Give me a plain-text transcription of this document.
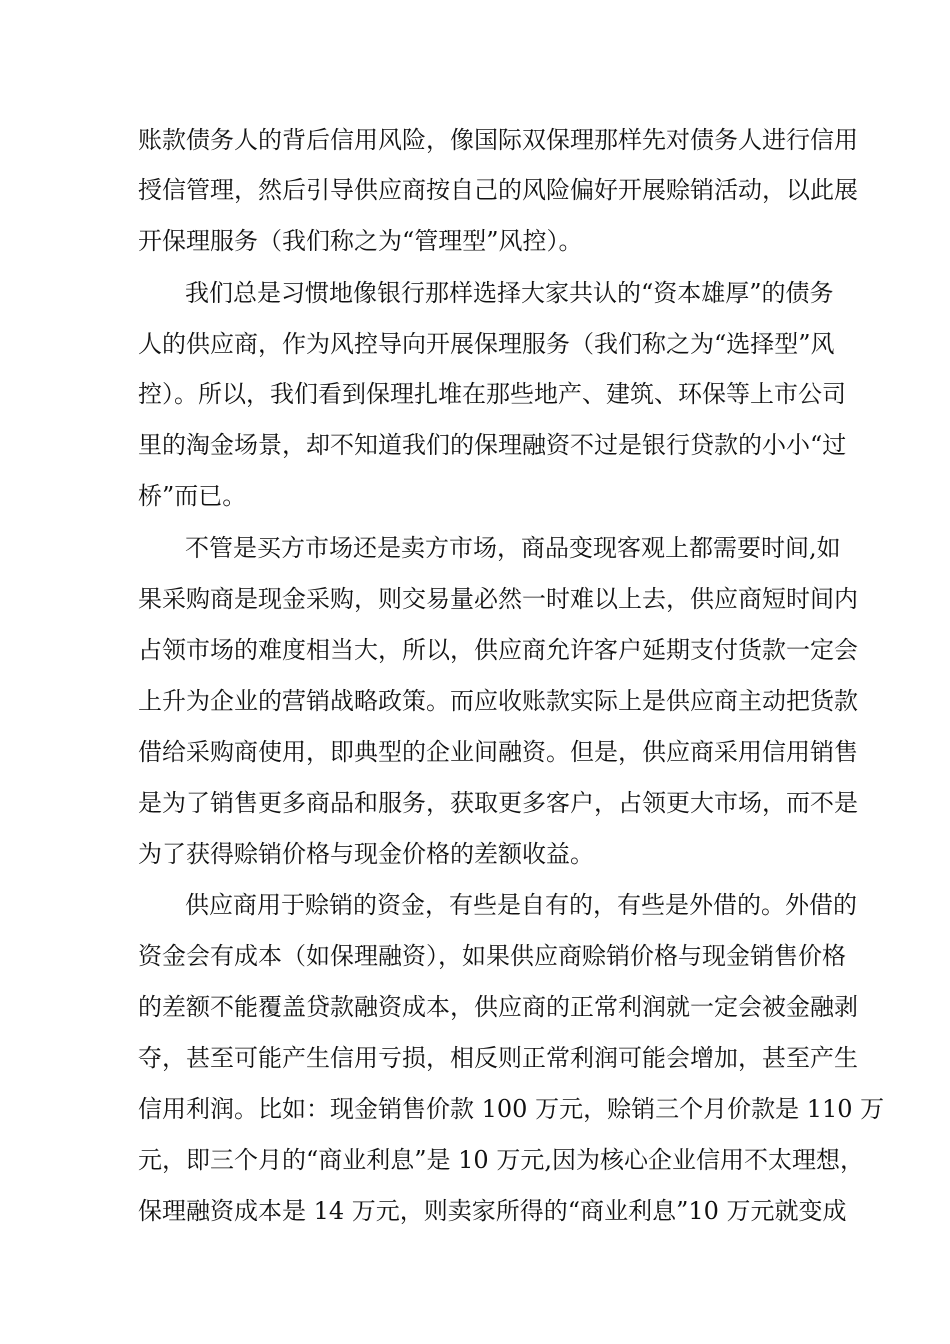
账款债务人的背后信用风险，像国际双保理那样先对债务人进行信用
授信管理，然后引导供应商按自己的风险偏好开展赊销活动，以此展
开保理服务（我们称之为“管理型”风控）。
我们总是习惯地像银行那样选择大家共认的“资本雄厚”的债务
人的供应商，作为风控导向开展保理服务（我们称之为“选择型”风
控）。所以，我们看到保理扎堆在那些地产、建筑、环保等上市公司
里的淘金场景，却不知道我们的保理融资不过是银行贷款的小小“过
桥”而已。
不管是买方市场还是卖方市场，商品变现客观上都需要时间,如
果采购商是现金采购，则交易量必然一时难以上去，供应商短时间内
占领市场的难度相当大，所以，供应商允许客户延期支付货款一定会
上升为企业的营销战略政策。而应收账款实际上是供应商主动把货款
借给采购商使用，即典型的企业间融资。但是，供应商采用信用销售
是为了销售更多商品和服务，获取更多客户，占领更大市场，而不是
为了获得赊销价格与现金价格的差额收益。
供应商用于赊销的资金，有些是自有的，有些是外借的。外借的
资金会有成本（如保理融资），如果供应商赊销价格与现金销售价格
的差额不能覆盖贷款融资成本，供应商的正常利润就一定会被金融剥
夺，甚至可能产生信用亏损，相反则正常利润可能会增加，甚至产生
信用利润。比如：现金销售价款 100 万元，赊销三个月价款是 110 万
元，即三个月的“商业利息”是 10 万元,因为核心企业信用不太理想，
保理融资成本是 14 万元，则卖家所得的“商业利息”10 万元就变成
